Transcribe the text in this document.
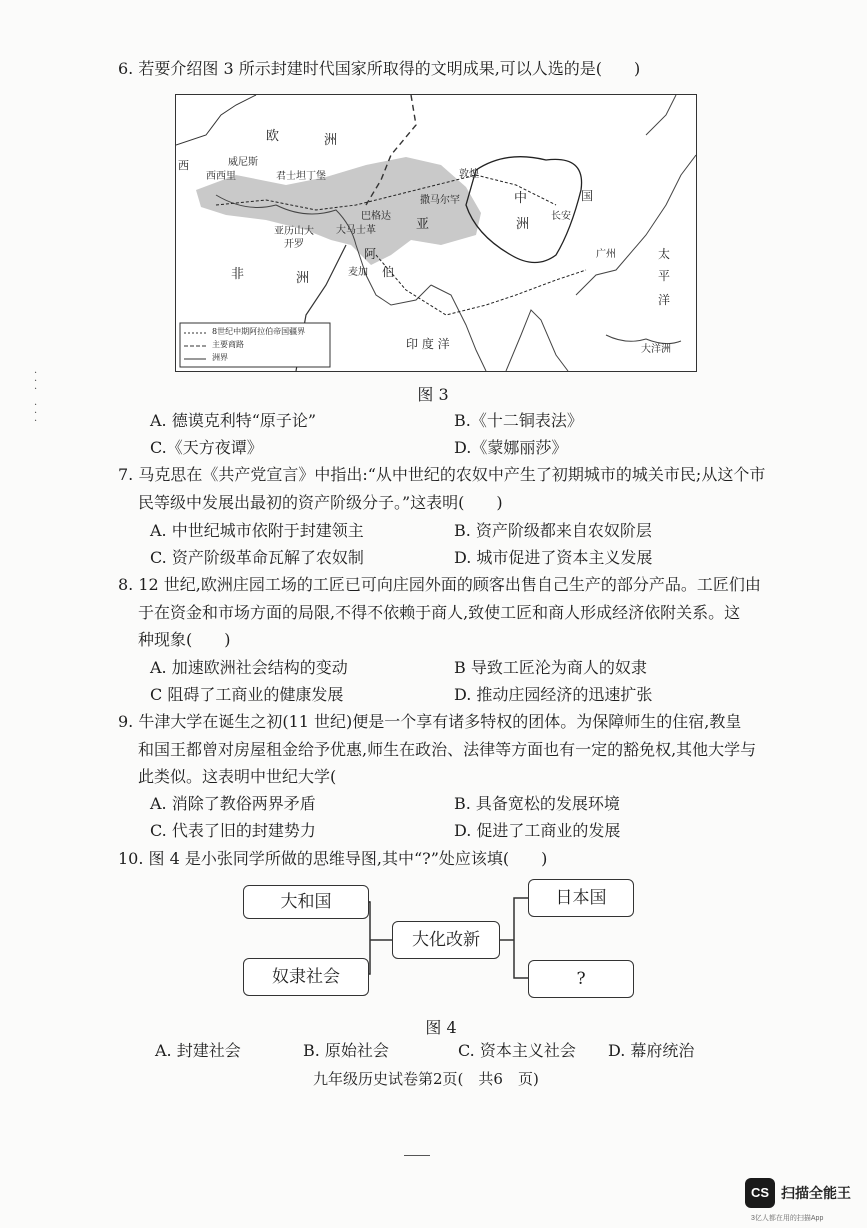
6. 若要介绍图 3 所示封建时代国家所取得的文明成果,可以人选的是(　　)
欧	洲
亚	洲
中	国
非	洲
印 度 洋
太
平
洋
大洋洲
威尼斯
君士坦丁堡
巴格达
大马士革
亚历山大
开罗
麦加 伯
撒马尔罕
长安
广州
敦煌
西
西西里
阿
8世纪中期阿拉伯帝国疆界
主要商路
洲界
图 3
A. 德谟克利特“原子论”	B.《十二铜表法》
C.《天方夜谭》	D.《蒙娜丽莎》
7. 马克思在《共产党宣言》中指出:“从中世纪的农奴中产生了初期城市的城关市民;从这个市
民等级中发展出最初的资产阶级分子。”这表明(　　)
A. 中世纪城市依附于封建领主	B. 资产阶级都来自农奴阶层
C. 资产阶级革命瓦解了农奴制	D. 城市促进了资本主义发展
8. 12 世纪,欧洲庄园工场的工匠已可向庄园外面的顾客出售自己生产的部分产品。工匠们由
于在资金和市场方面的局限,不得不依赖于商人,致使工匠和商人形成经济依附关系。这
种现象(　　)
A. 加速欧洲社会结构的变动	B 导致工匠沦为商人的奴隶
C 阻碍了工商业的健康发展	D. 推动庄园经济的迅速扩张
9. 牛津大学在诞生之初(11 世纪)便是一个享有诸多特权的团体。为保障师生的住宿,教皇
和国王都曾对房屋租金给予优惠,师生在政治、法律等方面也有一定的豁免权,其他大学与
此类似。这表明中世纪大学(
A. 消除了教俗两界矛盾	B. 具备宽松的发展环境
C. 代表了旧的封建势力	D. 促进了工商业的发展
10. 图 4 是小张同学所做的思维导图,其中“?”处应该填(　　)
大和国
奴隶社会
大化改新
日本国
?
图 4
A. 封建社会	B. 原始社会	C. 资本主义社会 D. 幕府统治
九年级历史试卷第2页(　共6　页)
·
·
·

·
·
·
CS 扫描全能王
3亿人都在用的扫描App
